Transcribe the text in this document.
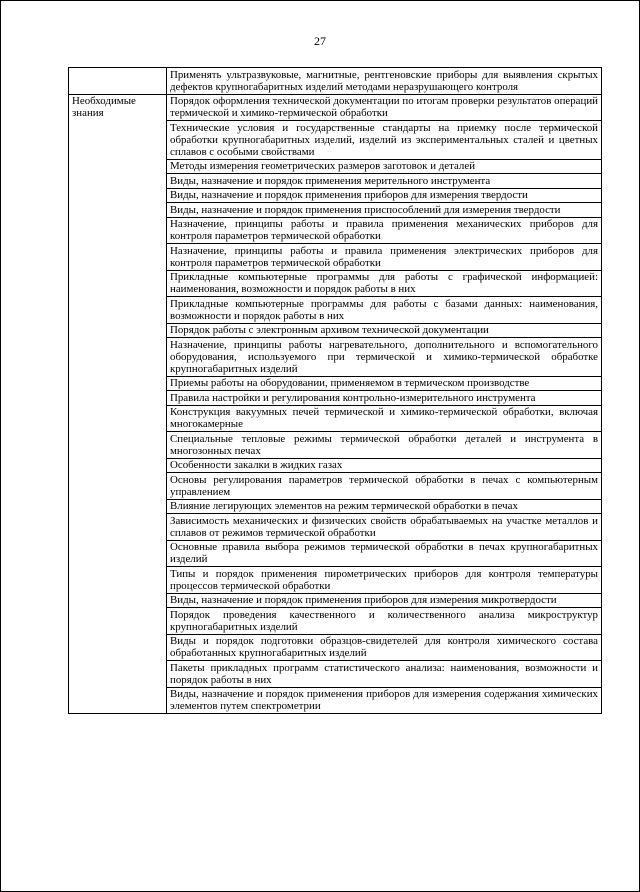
27
	Применять ультразвуковые, магнитные, рентгеновские приборы для выявления скрытых дефектов крупногабаритных изделий методами неразрушающего контроля
Необходимые знания	Порядок оформления технической документации по итогам проверки результатов операций термической и химико-термической обработки
	Технические условия и государственные стандарты на приемку после термической обработки крупногабаритных изделий, изделий из экспериментальных сталей и цветных сплавов с особыми свойствами
	Методы измерения геометрических размеров заготовок и деталей
	Виды, назначение и порядок применения мерительного инструмента
	Виды, назначение и порядок применения приборов для измерения твердости
	Виды, назначение и порядок применения приспособлений для измерения твердости
	Назначение, принципы работы и правила применения механических приборов для контроля параметров термической обработки
	Назначение, принципы работы и правила применения электрических приборов для контроля параметров термической обработки
	Прикладные компьютерные программы для работы с графической информацией: наименования, возможности и порядок работы в них
	Прикладные компьютерные программы для работы с базами данных: наименования, возможности и порядок работы в них
	Порядок работы с электронным архивом технической документации
	Назначение, принципы работы нагревательного, дополнительного и вспомогательного оборудования, используемого при термической и химико-термической обработке крупногабаритных изделий
	Приемы работы на оборудовании, применяемом в термическом производстве
	Правила настройки и регулирования контрольно-измерительного инструмента
	Конструкция вакуумных печей термической и химико-термической обработки, включая многокамерные
	Специальные тепловые режимы термической обработки деталей и инструмента в многозонных печах
	Особенности закалки в жидких газах
	Основы регулирования параметров термической обработки в печах с компьютерным управлением
	Влияние легирующих элементов на режим термической обработки в печах
	Зависимость механических и физических свойств обрабатываемых на участке металлов и сплавов от режимов термической обработки
	Основные правила выбора режимов термической обработки в печах крупногабаритных изделий
	Типы и порядок применения пирометрических приборов для контроля температуры процессов термической обработки
	Виды, назначение и порядок применения приборов для измерения микротвердости
	Порядок проведения качественного и количественного анализа микроструктур крупногабаритных изделий
	Виды и порядок подготовки образцов-свидетелей для контроля химического состава обработанных крупногабаритных изделий
	Пакеты прикладных программ статистического анализа: наименования, возможности и порядок работы в них
	Виды, назначение и порядок применения приборов для измерения содержания химических элементов путем спектрометрии
